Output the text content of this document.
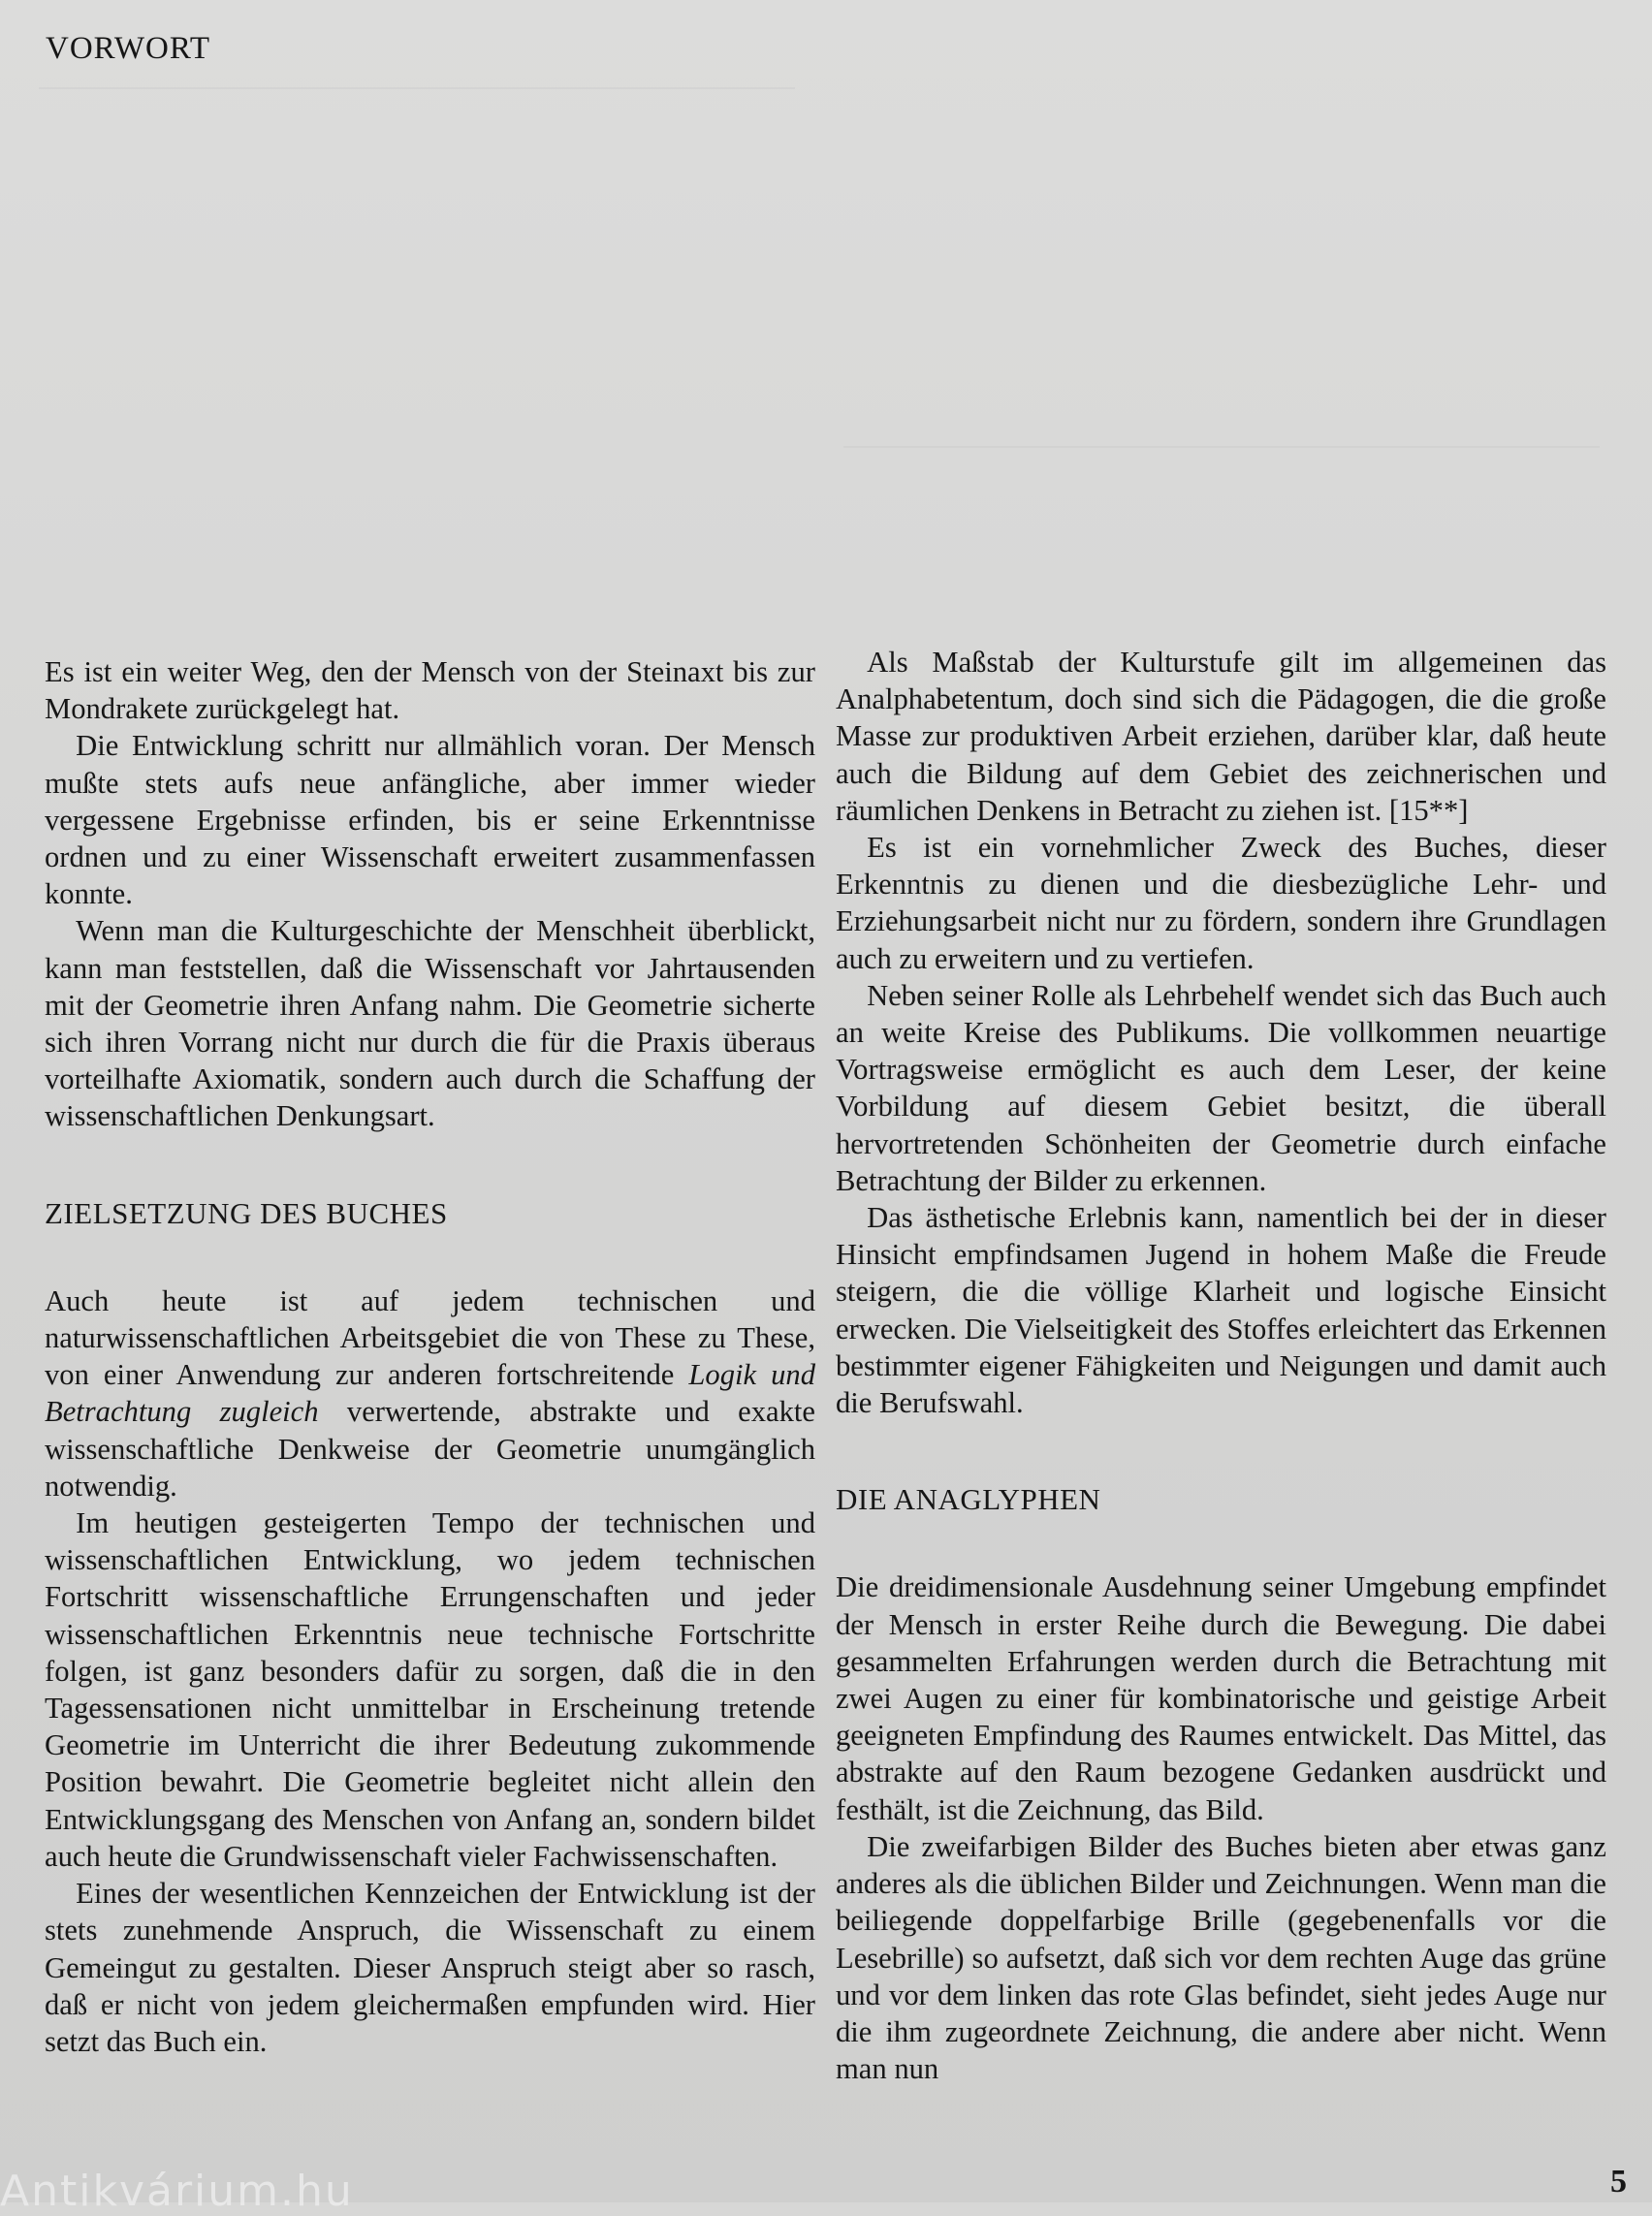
VORWORT

Es ist ein weiter Weg, den der Mensch von der Steinaxt bis zur Mondrakete zurückgelegt hat.

Die Entwicklung schritt nur allmählich voran. Der Mensch mußte stets aufs neue anfängliche, aber immer wieder vergessene Ergebnisse erfinden, bis er seine Erkenntnisse ordnen und zu einer Wissenschaft erweitert zusammenfassen konnte.

Wenn man die Kulturgeschichte der Menschheit überblickt, kann man feststellen, daß die Wissenschaft vor Jahrtausenden mit der Geometrie ihren Anfang nahm. Die Geometrie sicherte sich ihren Vorrang nicht nur durch die für die Praxis überaus vorteilhafte Axiomatik, sondern auch durch die Schaffung der wissenschaftlichen Denkungsart.

ZIELSETZUNG DES BUCHES

Auch heute ist auf jedem technischen und naturwissenschaftlichen Arbeitsgebiet die von These zu These, von einer Anwendung zur anderen fortschreitende Logik und Betrachtung zugleich verwertende, abstrakte und exakte wissenschaftliche Denkweise der Geometrie unumgänglich notwendig.

Im heutigen gesteigerten Tempo der technischen und wissenschaftlichen Entwicklung, wo jedem technischen Fortschritt wissenschaftliche Errungenschaften und jeder wissenschaftlichen Erkenntnis neue technische Fortschritte folgen, ist ganz besonders dafür zu sorgen, daß die in den Tagessensationen nicht unmittelbar in Erscheinung tretende Geometrie im Unterricht die ihrer Bedeutung zukommende Position bewahrt. Die Geometrie begleitet nicht allein den Entwicklungsgang des Menschen von Anfang an, sondern bildet auch heute die Grundwissenschaft vieler Fachwissenschaften.

Eines der wesentlichen Kennzeichen der Entwicklung ist der stets zunehmende Anspruch, die Wissenschaft zu einem Gemeingut zu gestalten. Dieser Anspruch steigt aber so rasch, daß er nicht von jedem gleichermaßen empfunden wird. Hier setzt das Buch ein.

Als Maßstab der Kulturstufe gilt im allgemeinen das Analphabetentum, doch sind sich die Pädagogen, die die große Masse zur produktiven Arbeit erziehen, darüber klar, daß heute auch die Bildung auf dem Gebiet des zeichnerischen und räumlichen Denkens in Betracht zu ziehen ist. [15**]

Es ist ein vornehmlicher Zweck des Buches, dieser Erkenntnis zu dienen und die diesbezügliche Lehr- und Erziehungsarbeit nicht nur zu fördern, sondern ihre Grundlagen auch zu erweitern und zu vertiefen.

Neben seiner Rolle als Lehrbehelf wendet sich das Buch auch an weite Kreise des Publikums. Die vollkommen neuartige Vortragsweise ermöglicht es auch dem Leser, der keine Vorbildung auf diesem Gebiet besitzt, die überall hervortretenden Schönheiten der Geometrie durch einfache Betrachtung der Bilder zu erkennen.

Das ästhetische Erlebnis kann, namentlich bei der in dieser Hinsicht empfindsamen Jugend in hohem Maße die Freude steigern, die die völlige Klarheit und logische Einsicht erwecken. Die Vielseitigkeit des Stoffes erleichtert das Erkennen bestimmter eigener Fähigkeiten und Neigungen und damit auch die Berufswahl.

DIE ANAGLYPHEN

Die dreidimensionale Ausdehnung seiner Umgebung empfindet der Mensch in erster Reihe durch die Bewegung. Die dabei gesammelten Erfahrungen werden durch die Betrachtung mit zwei Augen zu einer für kombinatorische und geistige Arbeit geeigneten Empfindung des Raumes entwickelt. Das Mittel, das abstrakte auf den Raum bezogene Gedanken ausdrückt und festhält, ist die Zeichnung, das Bild.

Die zweifarbigen Bilder des Buches bieten aber etwas ganz anderes als die üblichen Bilder und Zeichnungen. Wenn man die beiliegende doppelfarbige Brille (gegebenenfalls vor die Lesebrille) so aufsetzt, daß sich vor dem rechten Auge das grüne und vor dem linken das rote Glas befindet, sieht jedes Auge nur die ihm zugeordnete Zeichnung, die andere aber nicht. Wenn man nun

5
Antikvárium.hu
